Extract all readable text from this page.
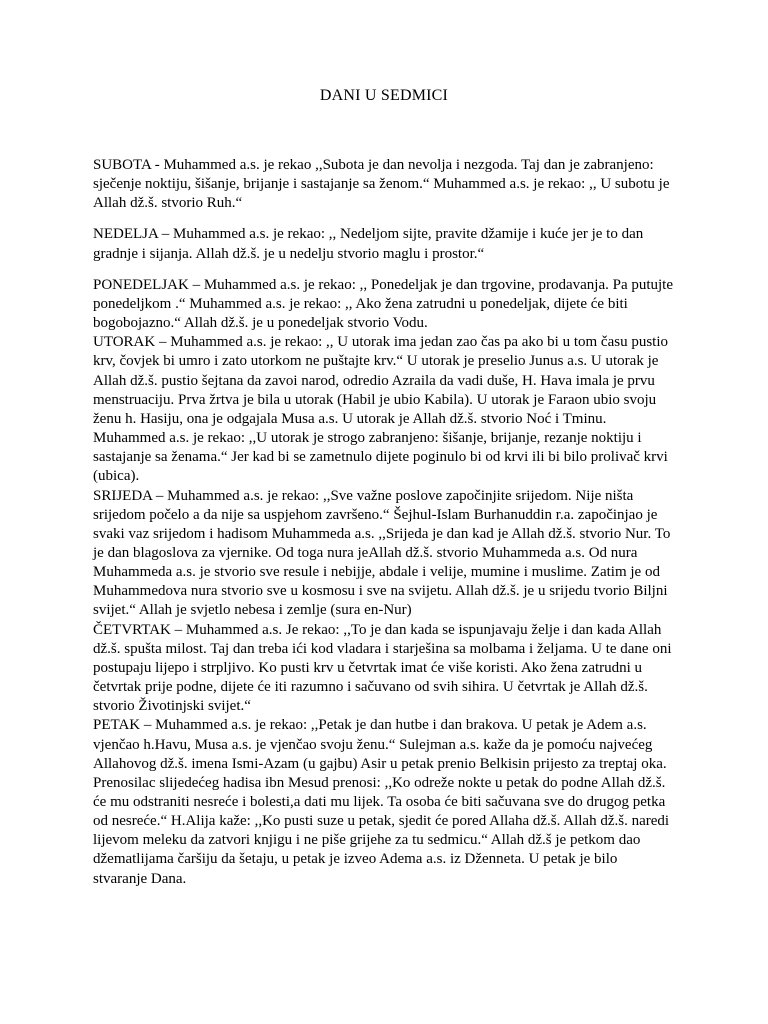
DANI U SEDMICI

SUBOTA - Muhammed a.s. je rekao ,,Subota je dan nevolja i nezgoda. Taj dan je zabranjeno: sječenje noktiju, šišanje, brijanje i sastajanje sa ženom.“ Muhammed a.s. je rekao: ,, U subotu je Allah dž.š. stvorio Ruh.“

NEDELJA – Muhammed a.s. je rekao: ,, Nedeljom sijte, pravite džamije i kuće jer je to dan gradnje i sijanja. Allah dž.š. je u nedelju stvorio maglu i prostor.“

PONEDELJAK – Muhammed a.s. je rekao: ,, Ponedeljak je dan trgovine, prodavanja. Pa putujte ponedeljkom .“ Muhammed a.s. je rekao: ,, Ako žena zatrudni u ponedeljak, dijete će biti bogobojazno.“ Allah dž.š. je u ponedeljak stvorio Vodu.

UTORAK – Muhammed a.s. je rekao: ,, U utorak ima jedan zao čas pa ako bi u tom času pustio krv, čovjek bi umro i zato utorkom ne puštajte krv.“ U utorak je preselio Junus a.s. U utorak je Allah dž.š. pustio šejtana da zavoi narod, odredio Azraila da vadi duše, H. Hava imala je prvu menstruaciju. Prva žrtva je bila u utorak (Habil je ubio Kabila). U utorak je Faraon ubio svoju ženu h. Hasiju, ona je odgajala Musa a.s. U utorak je Allah dž.š. stvorio Noć i Tminu. Muhammed a.s. je rekao: ,,U utorak je strogo zabranjeno: šišanje, brijanje, rezanje noktiju i sastajanje sa ženama.“ Jer kad bi se zametnulo dijete poginulo bi od krvi ili bi bilo prolivač krvi (ubica).

SRIJEDA – Muhammed a.s. je rekao: ,,Sve važne poslove započinjite srijedom. Nije ništa srijedom počelo a da nije sa uspjehom završeno.“ Šejhul-Islam Burhanuddin r.a. započinjao je svaki vaz srijedom i hadisom Muhammeda a.s. ,,Srijeda je dan kad je Allah dž.š. stvorio Nur. To je dan blagoslova za vjernike. Od toga nura jeAllah dž.š. stvorio Muhammeda a.s. Od nura Muhammeda a.s. je stvorio sve resule i nebijje, abdale i velije, mumine i muslime. Zatim je od Muhammedova nura stvorio sve u kosmosu i sve na svijetu. Allah dž.š. je u srijedu tvorio Biljni svijet.“ Allah je svjetlo nebesa i zemlje (sura en-Nur)

ČETVRTAK – Muhammed a.s. Je rekao: ,,To je dan kada se ispunjavaju želje i dan kada Allah dž.š. spušta milost. Taj dan treba ići kod vladara i starješina sa molbama i željama. U te dane oni postupaju lijepo i strpljivo. Ko pusti krv u četvrtak imat će više koristi. Ako žena zatrudni u četvrtak prije podne, dijete će iti razumno i sačuvano od svih sihira. U četvrtak je Allah dž.š. stvorio Životinjski svijet.“

PETAK – Muhammed a.s. je rekao: ,,Petak je dan hutbe i dan brakova. U petak je Adem a.s. vjenčao h.Havu, Musa a.s. je vjenčao svoju ženu.“ Sulejman a.s. kaže da je pomoću najvećeg Allahovog dž.š. imena Ismi-Azam (u gajbu) Asir u petak prenio Belkisin prijesto za treptaj oka. Prenosilac slijedećeg hadisa ibn Mesud prenosi: ,,Ko odreže nokte u petak do podne Allah dž.š. će mu odstraniti nesreće i bolesti,a dati mu lijek. Ta osoba će biti sačuvana sve do drugog petka od nesreće.“ H.Alija kaže: ,,Ko pusti suze u petak, sjedit će pored Allaha dž.š. Allah dž.š. naredi lijevom meleku da zatvori knjigu i ne piše grijehe za tu sedmicu.“ Allah dž.š je petkom dao džematlijama čaršiju da šetaju, u petak je izveo Adema a.s. iz Dženneta. U petak je bilo stvaranje Dana.
